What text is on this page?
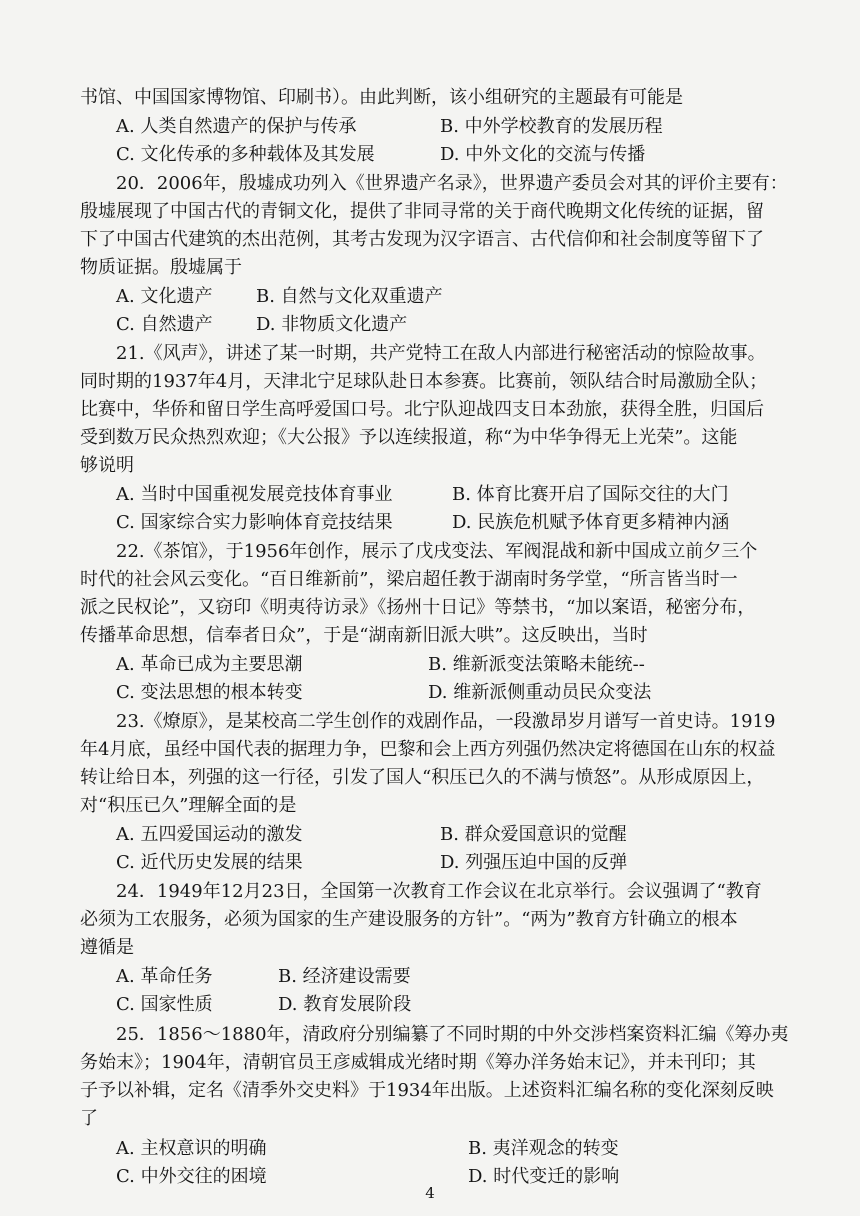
书馆、中国国家博物馆、印刷书）。由此判断，该小组研究的主题最有可能是
A. 人类自然遗产的保护与传承	B. 中外学校教育的发展历程
C. 文化传承的多种载体及其发展	D. 中外文化的交流与传播
20．2006年，殷墟成功列入《世界遗产名录》，世界遗产委员会对其的评价主要有：
殷墟展现了中国古代的青铜文化，提供了非同寻常的关于商代晚期文化传统的证据，留
下了中国古代建筑的杰出范例，其考古发现为汉字语言、古代信仰和社会制度等留下了
物质证据。殷墟属于
A. 文化遗产 B. 自然与文化双重遗产
C. 自然遗产 D. 非物质文化遗产
21.《风声》，讲述了某一时期，共产党特工在敌人内部进行秘密活动的惊险故事。
同时期的1937年4月，天津北宁足球队赴日本参赛。比赛前，领队结合时局激励全队；
比赛中，华侨和留日学生高呼爱国口号。北宁队迎战四支日本劲旅，获得全胜，归国后
受到数万民众热烈欢迎；《大公报》予以连续报道，称“为中华争得无上光荣”。这能
够说明
A. 当时中国重视发展竞技体育事业	B. 体育比赛开启了国际交往的大门
C. 国家综合实力影响体育竞技结果	D. 民族危机赋予体育更多精神内涵
22.《茶馆》，于1956年创作，展示了戊戌变法、军阀混战和新中国成立前夕三个
时代的社会风云变化。“百日维新前”，梁启超任教于湖南时务学堂，“所言皆当时一
派之民权论”，又窃印《明夷待访录》《扬州十日记》等禁书，“加以案语，秘密分布，
传播革命思想，信奉者日众”，于是“湖南新旧派大哄”。这反映出，当时
A. 革命已成为主要思潮	B. 维新派变法策略未能统--
C. 变法思想的根本转变	D. 维新派侧重动员民众变法
23.《燎原》，是某校高二学生创作的戏剧作品，一段激昂岁月谱写一首史诗。1919
年4月底，虽经中国代表的据理力争，巴黎和会上西方列强仍然决定将德国在山东的权益
转让给日本，列强的这一行径，引发了国人“积压已久的不满与愤怒”。从形成原因上，
对“积压已久”理解全面的是
A. 五四爱国运动的激发	B. 群众爱国意识的觉醒
C. 近代历史发展的结果	D. 列强压迫中国的反弹
24．1949年12月23日，全国第一次教育工作会议在北京举行。会议强调了“教育
必须为工农服务，必须为国家的生产建设服务的方针”。“两为”教育方针确立的根本
遵循是
A. 革命任务	B. 经济建设需要
C. 国家性质	D. 教育发展阶段
25．1856～1880年，清政府分别编纂了不同时期的中外交涉档案资料汇编《筹办夷
务始末》；1904年，清朝官员王彦威辑成光绪时期《筹办洋务始末记》，并未刊印；其
子予以补辑，定名《清季外交史料》于1934年出版。上述资料汇编名称的变化深刻反映
了
A. 主权意识的明确	B. 夷洋观念的转变
C. 中外交往的困境	D. 时代变迁的影响
4
